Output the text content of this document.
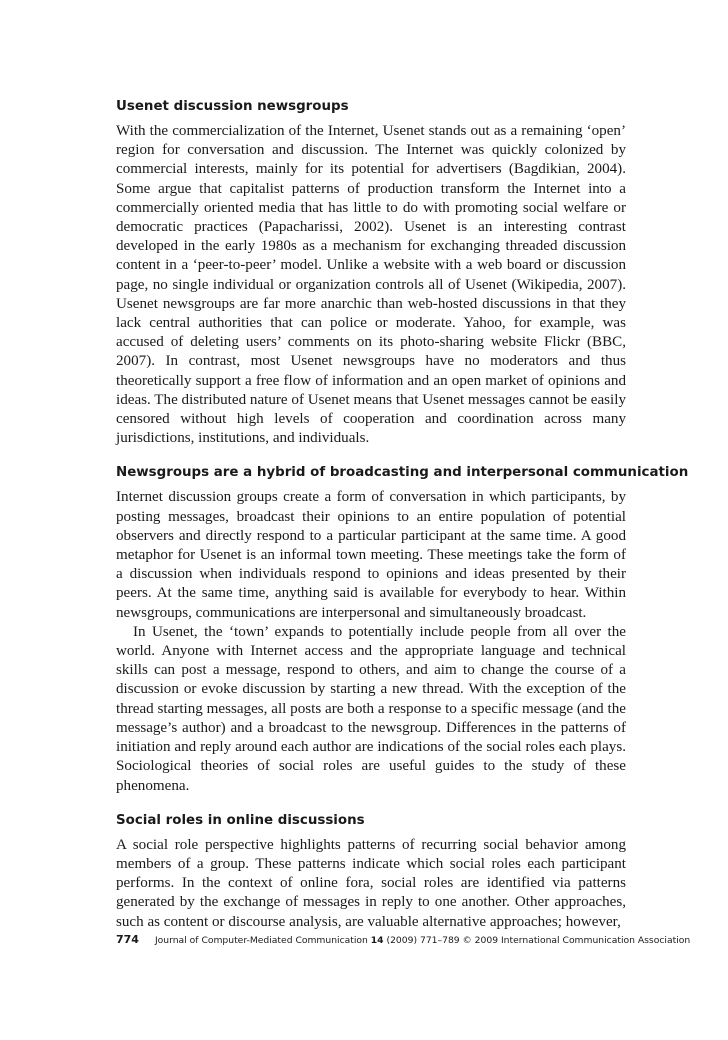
Usenet discussion newsgroups

With the commercialization of the Internet, Usenet stands out as a remaining ‘open’ region for conversation and discussion. The Internet was quickly colonized by commercial interests, mainly for its potential for advertisers (Bagdikian, 2004). Some argue that capitalist patterns of production transform the Internet into a commercially oriented media that has little to do with promoting social welfare or democratic practices (Papacharissi, 2002). Usenet is an interesting contrast developed in the early 1980s as a mechanism for exchanging threaded discussion content in a ‘peer-to-peer’ model. Unlike a website with a web board or discussion page, no single individual or organization controls all of Usenet (Wikipedia, 2007). Usenet newsgroups are far more anarchic than web-hosted discussions in that they lack central authorities that can police or moderate. Yahoo, for example, was accused of deleting users’ comments on its photo-sharing website Flickr (BBC, 2007). In contrast, most Usenet newsgroups have no moderators and thus theoretically support a free flow of information and an open market of opinions and ideas. The distributed nature of Usenet means that Usenet messages cannot be easily censored without high levels of cooperation and coordination across many jurisdictions, institutions, and individuals.

Newsgroups are a hybrid of broadcasting and interpersonal communication

Internet discussion groups create a form of conversation in which participants, by posting messages, broadcast their opinions to an entire population of potential observers and directly respond to a particular participant at the same time. A good metaphor for Usenet is an informal town meeting. These meetings take the form of a discussion when individuals respond to opinions and ideas presented by their peers. At the same time, anything said is available for everybody to hear. Within newsgroups, communications are interpersonal and simultaneously broadcast.

In Usenet, the ‘town’ expands to potentially include people from all over the world. Anyone with Internet access and the appropriate language and technical skills can post a message, respond to others, and aim to change the course of a discussion or evoke discussion by starting a new thread. With the exception of the thread starting messages, all posts are both a response to a specific message (and the message’s author) and a broadcast to the newsgroup. Differences in the patterns of initiation and reply around each author are indications of the social roles each plays. Sociological theories of social roles are useful guides to the study of these phenomena.

Social roles in online discussions

A social role perspective highlights patterns of recurring social behavior among members of a group. These patterns indicate which social roles each participant performs. In the context of online fora, social roles are identified via patterns generated by the exchange of messages in reply to one another. Other approaches, such as content or discourse analysis, are valuable alternative approaches; however,

774 Journal of Computer-Mediated Communication 14 (2009) 771–789 © 2009 International Communication Association
